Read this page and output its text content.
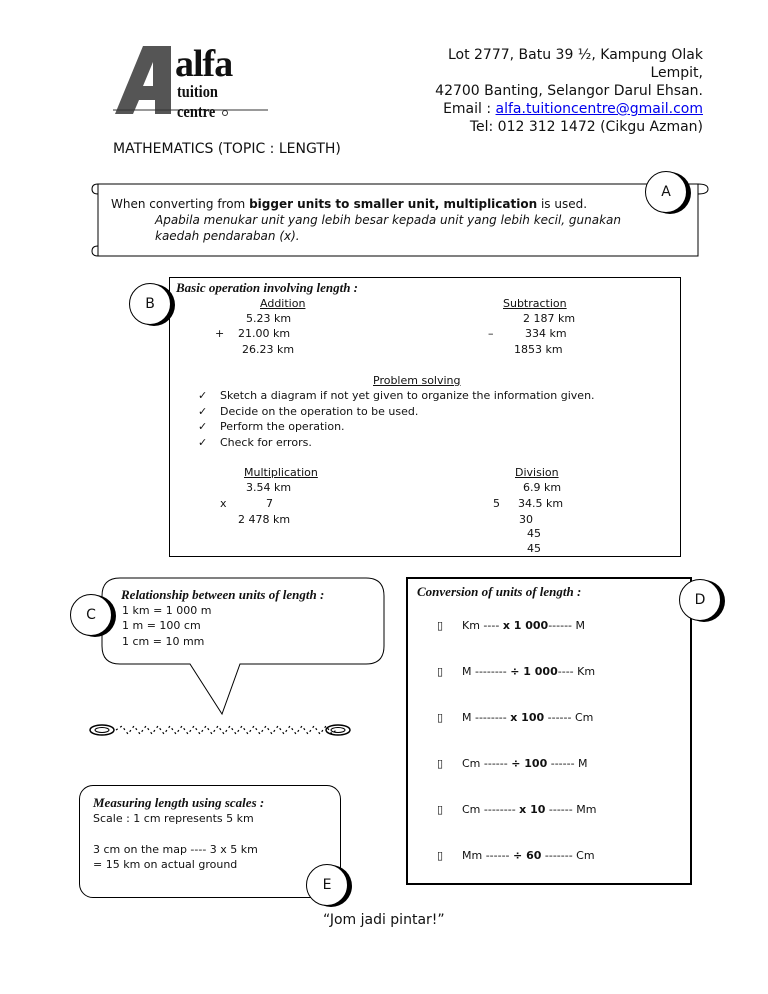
alfa
tuition centre
Lot 2777, Batu 39 ½, Kampung Olak
Lempit,
42700 Banting, Selangor Darul Ehsan.
Email : alfa.tuitioncentre@gmail.com
Tel: 012 312 1472 (Cikgu Azman)
MATHEMATICS (TOPIC : LENGTH)
A
When converting from bigger units to smaller unit, multiplication is used.
Apabila menukar unit yang lebih besar kepada unit yang lebih kecil, gunakan
kaedah pendaraban (x).
B
Basic operation involving length :
Addition
5.23 km
+ 21.00 km
26.23 km
Subtraction
2 187 km
–	334 km
1853 km
Problem solving
✓ Sketch a diagram if not yet given to organize the information given.
✓ Decide on the operation to be used.
✓ Perform the operation.
✓ Check for errors.
Multiplication
3.54 km
x	7
2 478 km
Division
6.9 km
5 34.5 km
30
45
45
C
Relationship between units of length :
1 km = 1 000 m
1 m = 100 cm
1 cm = 10 mm
D
Conversion of units of length :
▯ Km ---- x 1 000------ M
▯ M -------- ÷ 1 000---- Km
▯ M -------- x 100 ------ Cm
▯ Cm ------ ÷ 100 ------ M
▯ Cm -------- x 10 ------ Mm
▯ Mm ------ ÷ 60 ------- Cm
E
Measuring length using scales :
Scale : 1 cm represents 5 km
3 cm on the map ---- 3 x 5 km
= 15 km on actual ground
“Jom jadi pintar!”
